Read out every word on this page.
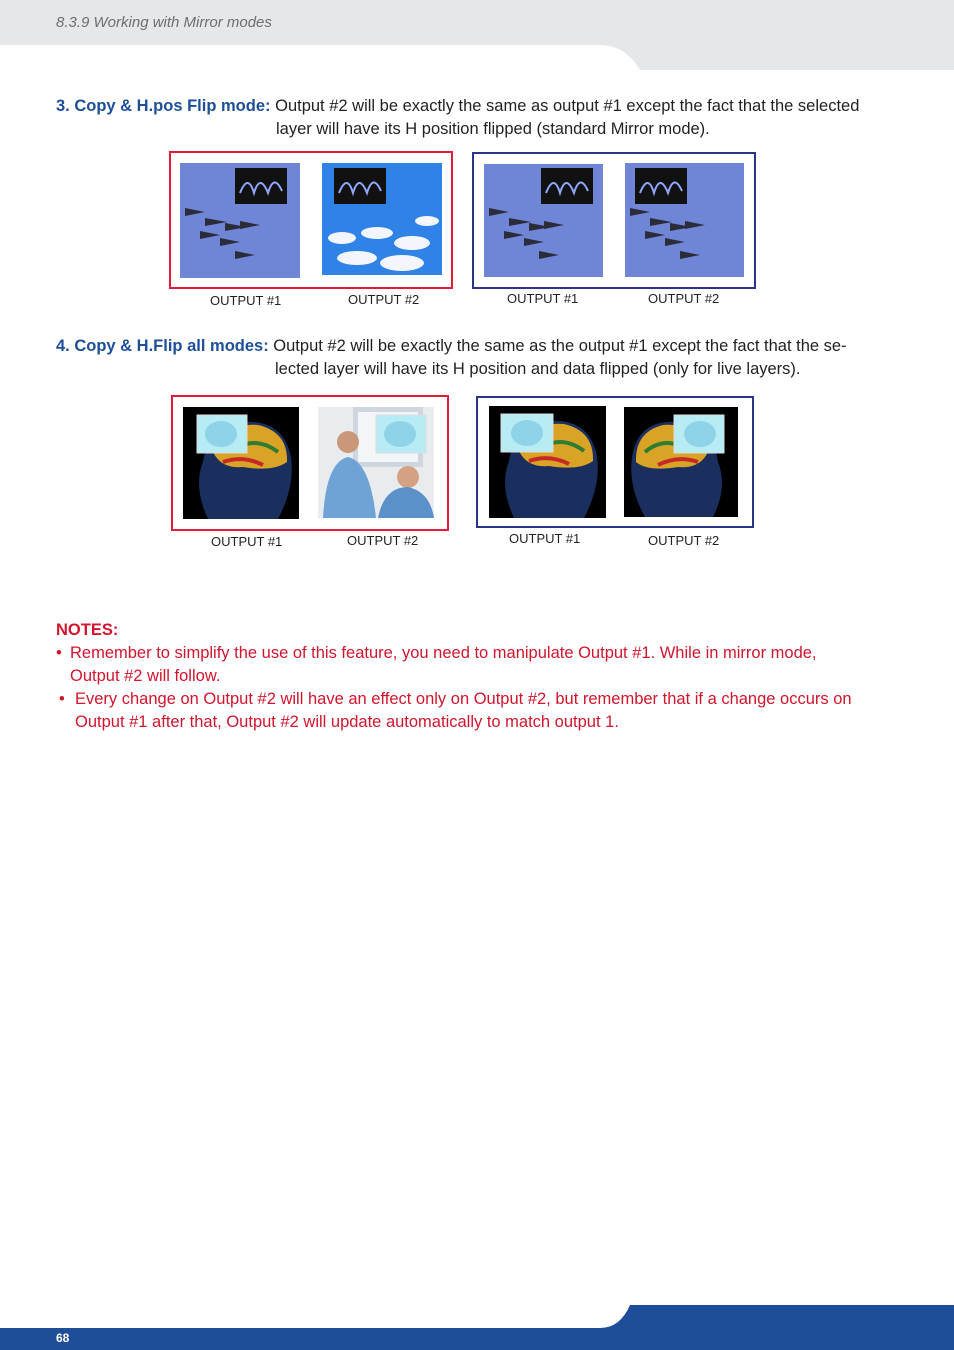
8.3.9 Working with Mirror modes
3. Copy & H.pos Flip mode: Output #2 will be exactly the same as output #1 except the fact that the selected
layer will have its H position flipped (standard Mirror mode).
OUTPUT #1	OUTPUT #2	OUTPUT #1	OUTPUT #2
4. Copy & H.Flip all modes: Output #2 will be exactly the same as the output #1 except the fact that the se-
lected layer will have its H position and data flipped (only for live layers).
OUTPUT #1	OUTPUT #2	OUTPUT #1	OUTPUT #2
NOTES:
• Remember to simplify the use of this feature, you need to manipulate Output #1. While in mirror mode,
Output #2 will follow.
• Every change on Output #2 will have an effect only on Output #2, but remember that if a change occurs on
Output #1 after that, Output #2 will update automatically to match output 1.
68
